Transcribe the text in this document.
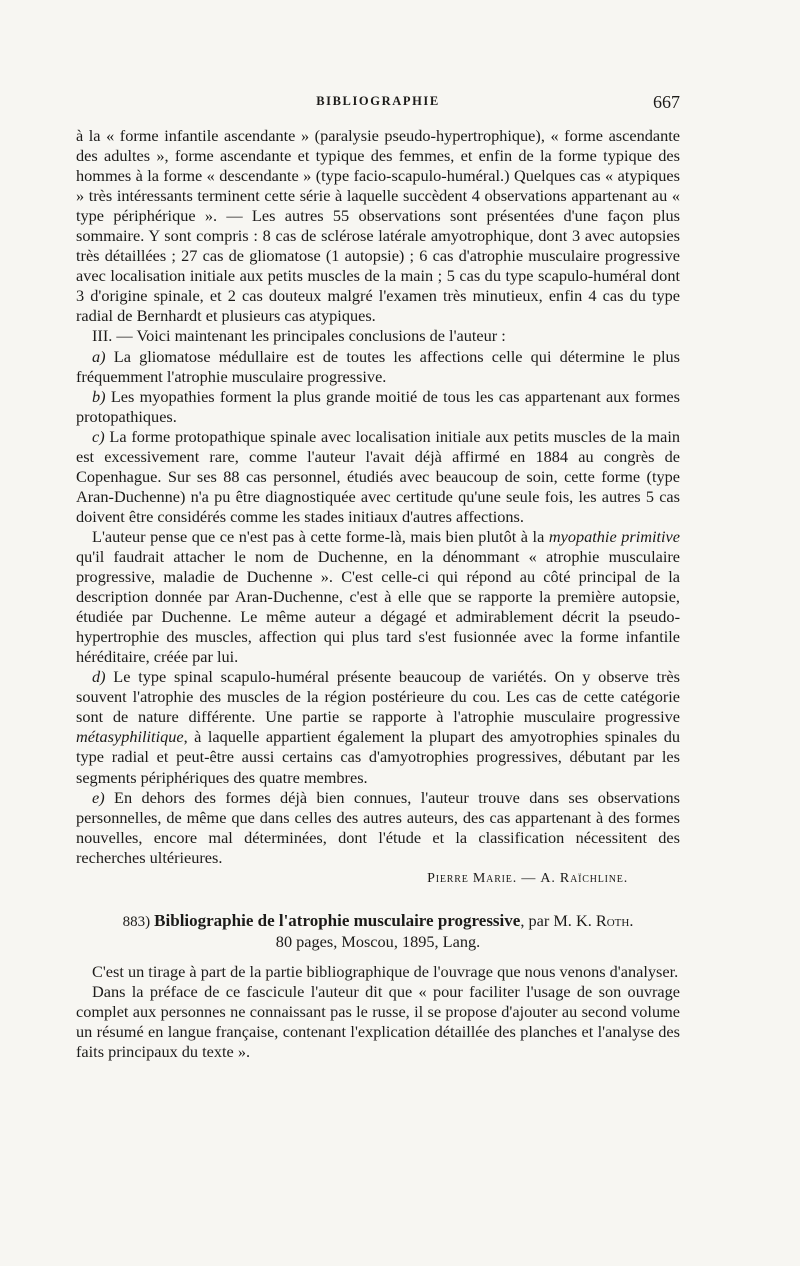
BIBLIOGRAPHIE	667

à la « forme infantile ascendante » (paralysie pseudo-hypertrophique), « forme ascendante des adultes », forme ascendante et typique des femmes, et enfin de la forme typique des hommes à la forme « descendante » (type facio-scapulo-huméral.) Quelques cas « atypiques » très intéressants terminent cette série à laquelle succèdent 4 observations appartenant au « type périphérique ». — Les autres 55 observations sont présentées d'une façon plus sommaire. Y sont compris : 8 cas de sclérose latérale amyotrophique, dont 3 avec autopsies très détaillées ; 27 cas de gliomatose (1 autopsie) ; 6 cas d'atrophie musculaire progressive avec localisation initiale aux petits muscles de la main ; 5 cas du type scapulo-huméral dont 3 d'origine spinale, et 2 cas douteux malgré l'examen très minutieux, enfin 4 cas du type radial de Bernhardt et plusieurs cas atypiques.

III. — Voici maintenant les principales conclusions de l'auteur :

a) La gliomatose médullaire est de toutes les affections celle qui détermine le plus fréquemment l'atrophie musculaire progressive.

b) Les myopathies forment la plus grande moitié de tous les cas appartenant aux formes protopathiques.

c) La forme protopathique spinale avec localisation initiale aux petits muscles de la main est excessivement rare, comme l'auteur l'avait déjà affirmé en 1884 au congrès de Copenhague. Sur ses 88 cas personnel, étudiés avec beaucoup de soin, cette forme (type Aran-Duchenne) n'a pu être diagnostiquée avec certitude qu'une seule fois, les autres 5 cas doivent être considérés comme les stades initiaux d'autres affections.

L'auteur pense que ce n'est pas à cette forme-là, mais bien plutôt à la myopathie primitive qu'il faudrait attacher le nom de Duchenne, en la dénommant « atrophie musculaire progressive, maladie de Duchenne ». C'est celle-ci qui répond au côté principal de la description donnée par Aran-Duchenne, c'est à elle que se rapporte la première autopsie, étudiée par Duchenne. Le même auteur a dégagé et admirablement décrit la pseudo-hypertrophie des muscles, affection qui plus tard s'est fusionnée avec la forme infantile héréditaire, créée par lui.

d) Le type spinal scapulo-huméral présente beaucoup de variétés. On y observe très souvent l'atrophie des muscles de la région postérieure du cou. Les cas de cette catégorie sont de nature différente. Une partie se rapporte à l'atrophie musculaire progressive métasyphilitique, à laquelle appartient également la plupart des amyotrophies spinales du type radial et peut-être aussi certains cas d'amyotrophies progressives, débutant par les segments périphériques des quatre membres.

e) En dehors des formes déjà bien connues, l'auteur trouve dans ses observations personnelles, de même que dans celles des autres auteurs, des cas appartenant à des formes nouvelles, encore mal déterminées, dont l'étude et la classification nécessitent des recherches ultérieures.

Pierre Marie. — A. Raïchline.

883) Bibliographie de l'atrophie musculaire progressive, par M. K. Roth.

80 pages, Moscou, 1895, Lang.

C'est un tirage à part de la partie bibliographique de l'ouvrage que nous venons d'analyser.

Dans la préface de ce fascicule l'auteur dit que « pour faciliter l'usage de son ouvrage complet aux personnes ne connaissant pas le russe, il se propose d'ajouter au second volume un résumé en langue française, contenant l'explication détaillée des planches et l'analyse des faits principaux du texte ».
